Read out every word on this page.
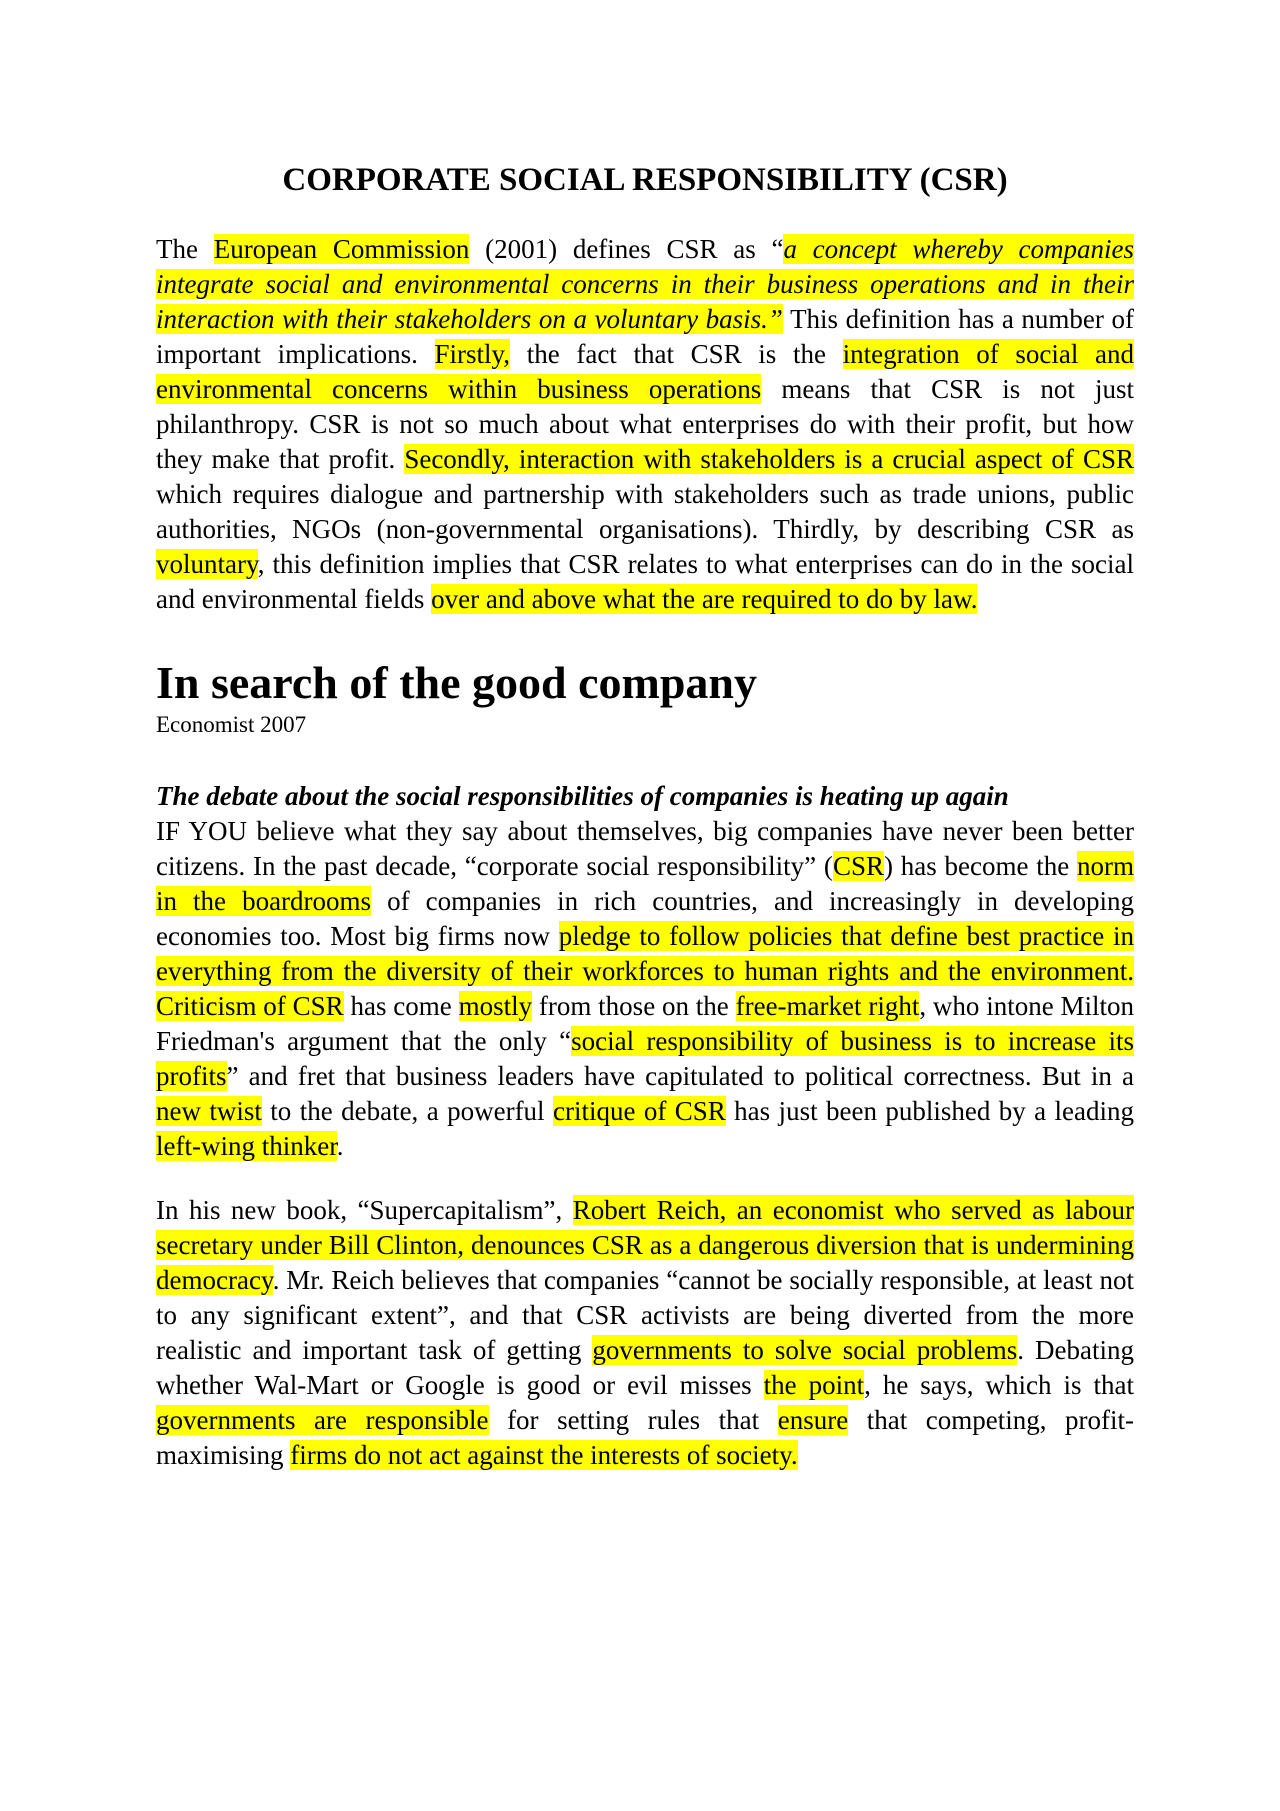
CORPORATE SOCIAL RESPONSIBILITY (CSR)

The European Commission (2001) defines CSR as “a concept whereby companies integrate social and environmental concerns in their business operations and in their interaction with their stakeholders on a voluntary basis.” This definition has a number of important implications. Firstly, the fact that CSR is the integration of social and environmental concerns within business operations means that CSR is not just philanthropy. CSR is not so much about what enterprises do with their profit, but how they make that profit. Secondly, interaction with stakeholders is a crucial aspect of CSR which requires dialogue and partnership with stakeholders such as trade unions, public authorities, NGOs (non-governmental organisations). Thirdly, by describing CSR as voluntary, this definition implies that CSR relates to what enterprises can do in the social and environmental fields over and above what the are required to do by law.

In search of the good company
Economist 2007
The debate about the social responsibilities of companies is heating up again

IF YOU believe what they say about themselves, big companies have never been better citizens. In the past decade, “corporate social responsibility” (CSR) has become the norm in the boardrooms of companies in rich countries, and increasingly in developing economies too. Most big firms now pledge to follow policies that define best practice in everything from the diversity of their workforces to human rights and the environment. Criticism of CSR has come mostly from those on the free-market right, who intone Milton Friedman's argument that the only “social responsibility of business is to increase its profits” and fret that business leaders have capitulated to political correctness. But in a new twist to the debate, a powerful critique of CSR has just been published by a leading left-wing thinker.

In his new book, “Supercapitalism”, Robert Reich, an economist who served as labour secretary under Bill Clinton, denounces CSR as a dangerous diversion that is undermining democracy. Mr. Reich believes that companies “cannot be socially responsible, at least not to any significant extent”, and that CSR activists are being diverted from the more realistic and important task of getting governments to solve social problems. Debating whether Wal-Mart or Google is good or evil misses the point, he says, which is that governments are responsible for setting rules that ensure that competing, profit-maximising firms do not act against the interests of society.
